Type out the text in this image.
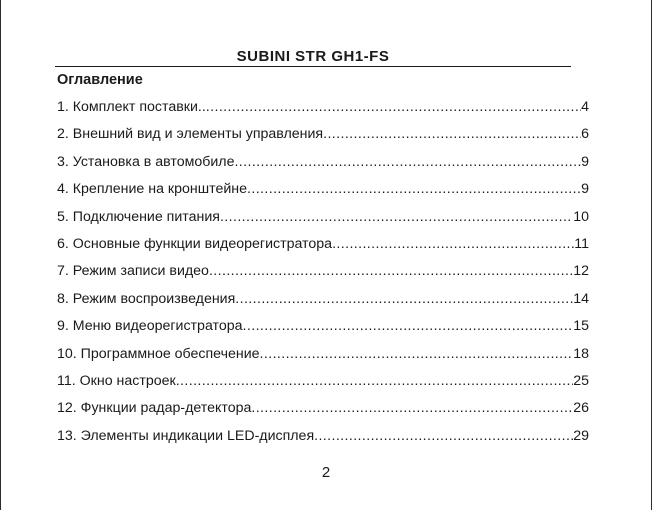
SUBINI STR GH1-FS
Оглавление
1. Комплект поставки.. .....	4
2. Внешний вид и элементы управления .....	6
3. Установка в автомобиле .....	9
4. Крепление на кронштейне .....	9
5. Подключение питания .....	10
6. Основные функции видеорегистратора .....	11
7. Режим записи видео .....	12
8. Режим воспроизведения .....	14
9. Меню видеорегистратора .....	15
10. Программное обеспечение .....	18
11. Окно настроек .....	25
12. Функции радар-детектора .....	26
13. Элементы индикации LED-дисплея .....	29
2
